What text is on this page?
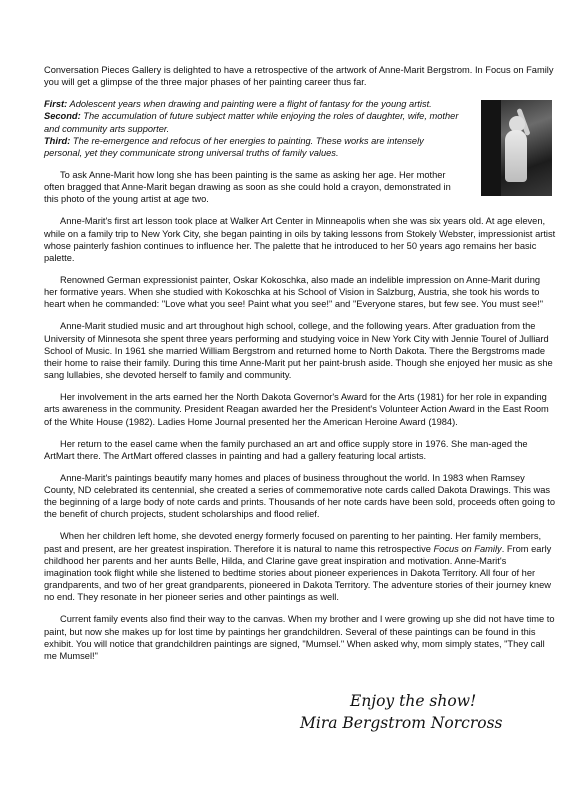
Conversation Pieces Gallery is delighted to have a retrospective of the artwork of Anne-Marit Bergstrom. In Focus on Family you will get a glimpse of the three major phases of her painting career thus far.

First: Adolescent years when drawing and painting were a flight of fantasy for the young artist.
Second: The accumulation of future subject matter while enjoying the roles of daughter, wife, mother and community arts supporter.
Third: The re-emergence and refocus of her energies to painting. These works are intensely personal, yet they communicate strong universal truths of family values.

To ask Anne-Marit how long she has been painting is the same as asking her age. Her mother often bragged that Anne-Marit began drawing as soon as she could hold a crayon, demonstrated in this photo of the young artist at age two.

Anne-Marit's first art lesson took place at Walker Art Center in Minneapolis when she was six years old. At age eleven, while on a family trip to New York City, she began painting in oils by taking lessons from Stokely Webster, impressionist artist whose painterly fashion continues to influence her. The palette that he introduced to her 50 years ago remains her basic palette.

Renowned German expressionist painter, Oskar Kokoschka, also made an indelible impression on Anne-Marit during her formative years. When she studied with Kokoschka at his School of Vision in Salzburg, Austria, she took his words to heart when he commanded: "Love what you see! Paint what you see!" and "Everyone stares, but few see. You must see!"

Anne-Marit studied music and art throughout high school, college, and the following years. After graduation from the University of Minnesota she spent three years performing and studying voice in New York City with Jennie Tourel of Julliard School of Music. In 1961 she married William Bergstrom and returned home to North Dakota. There the Bergstroms made their home to raise their family. During this time Anne-Marit put her paint-brush aside. Though she enjoyed her music as she sang lullabies, she devoted herself to family and community.

Her involvement in the arts earned her the North Dakota Governor's Award for the Arts (1981) for her role in expanding arts awareness in the community. President Reagan awarded her the President's Volunteer Action Award in the East Room of the White House (1982). Ladies Home Journal presented her the American Heroine Award (1984).

Her return to the easel came when the family purchased an art and office supply store in 1976. She man-aged the ArtMart there. The ArtMart offered classes in painting and had a gallery featuring local artists.

Anne-Marit's paintings beautify many homes and places of business throughout the world. In 1983 when Ramsey County, ND celebrated its centennial, she created a series of commemorative note cards called Dakota Drawings. This was the beginning of a large body of note cards and prints. Thousands of her note cards have been sold, proceeds often going to the benefit of church projects, student scholarships and flood relief.

When her children left home, she devoted energy formerly focused on parenting to her painting. Her family members, past and present, are her greatest inspiration. Therefore it is natural to name this retrospective Focus on Family. From early childhood her parents and her aunts Belle, Hilda, and Clarine gave great inspiration and motivation. Anne-Marit's imagination took flight while she listened to bedtime stories about pioneer experiences in Dakota Territory. All four of her grandparents, and two of her great grandparents, pioneered in Dakota Territory. The adventure stories of their journey knew no end. They resonate in her pioneer series and other paintings as well.

Current family events also find their way to the canvas. When my brother and I were growing up she did not have time to paint, but now she makes up for lost time by paintings her grandchildren. Several of these paintings can be found in this exhibit. You will notice that grandchildren paintings are signed, "Mumsel." When asked why, mom simply states, "They call me Mumsel!"

Enjoy the show!
Mira Bergstrom Norcross
